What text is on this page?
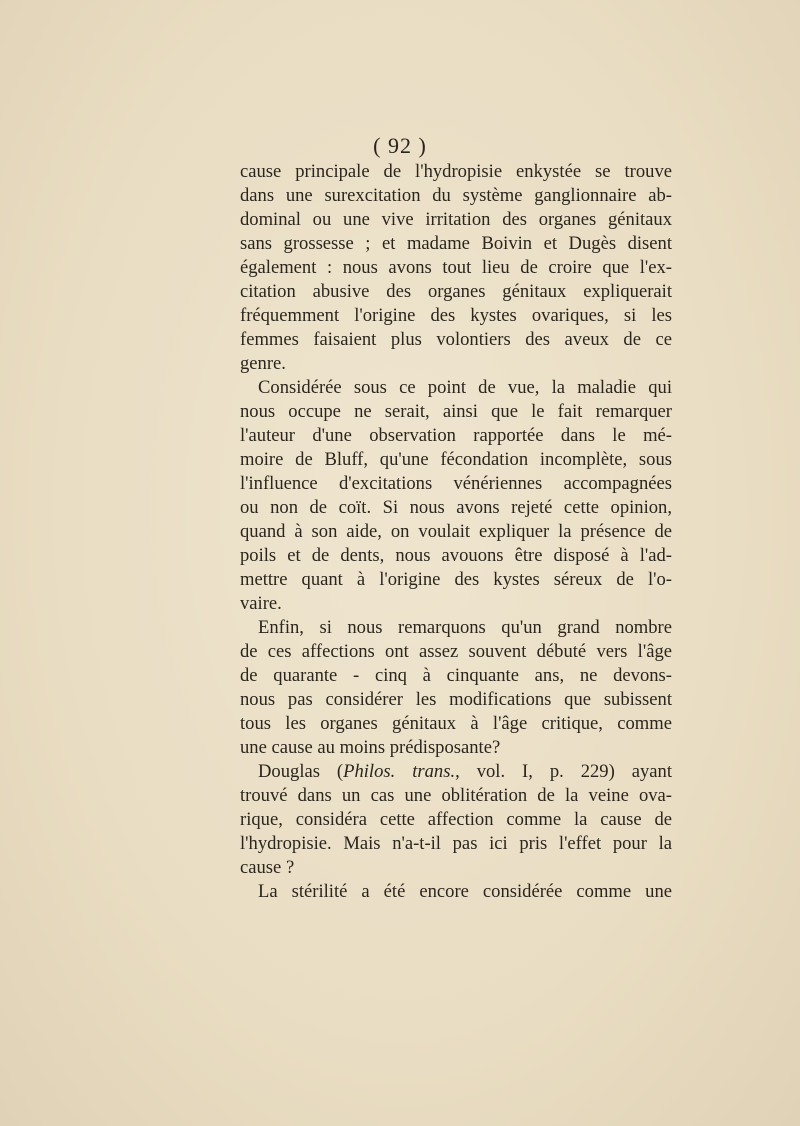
( 92 )
cause principale de l'hydropisie enkystée se trouve
dans une surexcitation du système ganglionnaire ab-
dominal ou une vive irritation des organes génitaux
sans grossesse ; et madame Boivin et Dugès disent
également : nous avons tout lieu de croire que l'ex-
citation abusive des organes génitaux expliquerait
fréquemment l'origine des kystes ovariques, si les
femmes faisaient plus volontiers des aveux de ce
genre.
Considérée sous ce point de vue, la maladie qui
nous occupe ne serait, ainsi que le fait remarquer
l'auteur d'une observation rapportée dans le mé-
moire de Bluff, qu'une fécondation incomplète, sous
l'influence d'excitations vénériennes accompagnées
ou non de coït. Si nous avons rejeté cette opinion,
quand à son aide, on voulait expliquer la présence de
poils et de dents, nous avouons être disposé à l'ad-
mettre quant à l'origine des kystes séreux de l'o-
vaire.
Enfin, si nous remarquons qu'un grand nombre
de ces affections ont assez souvent débuté vers l'âge
de quarante - cinq à cinquante ans, ne devons-
nous pas considérer les modifications que subissent
tous les organes génitaux à l'âge critique, comme
une cause au moins prédisposante?
Douglas (Philos. trans., vol. I, p. 229) ayant
trouvé dans un cas une oblitération de la veine ova-
rique, considéra cette affection comme la cause de
l'hydropisie. Mais n'a-t-il pas ici pris l'effet pour la
cause ?
La stérilité a été encore considérée comme une
